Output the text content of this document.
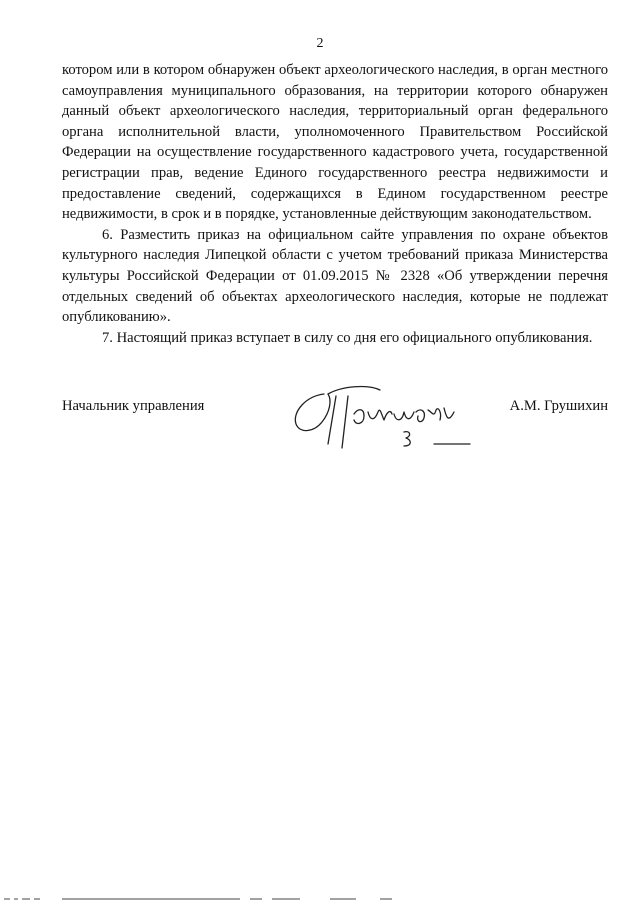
2

котором или в котором обнаружен объект археологического наследия, в орган местного самоуправления муниципального образования, на территории которого обнаружен данный объект археологического наследия, территориальный орган федерального органа исполнительной власти, уполномоченного Правительством Российской Федерации на осуществление государственного кадастрового учета, государственной регистрации прав, ведение Единого государственного реестра недвижимости и предоставление сведений, содержащихся в Едином государственном реестре недвижимости, в срок и в порядке, установленные действующим законодательством.

6. Разместить приказ на официальном сайте управления по охране объектов культурного наследия Липецкой области с учетом требований приказа Министерства культуры Российской Федерации от 01.09.2015 № 2328 «Об утверждении перечня отдельных сведений об объектах археологического наследия, которые не подлежат опубликованию».

7. Настоящий приказ вступает в силу со дня его официального опубликования.

Начальник управления	А.М. Грушихин
